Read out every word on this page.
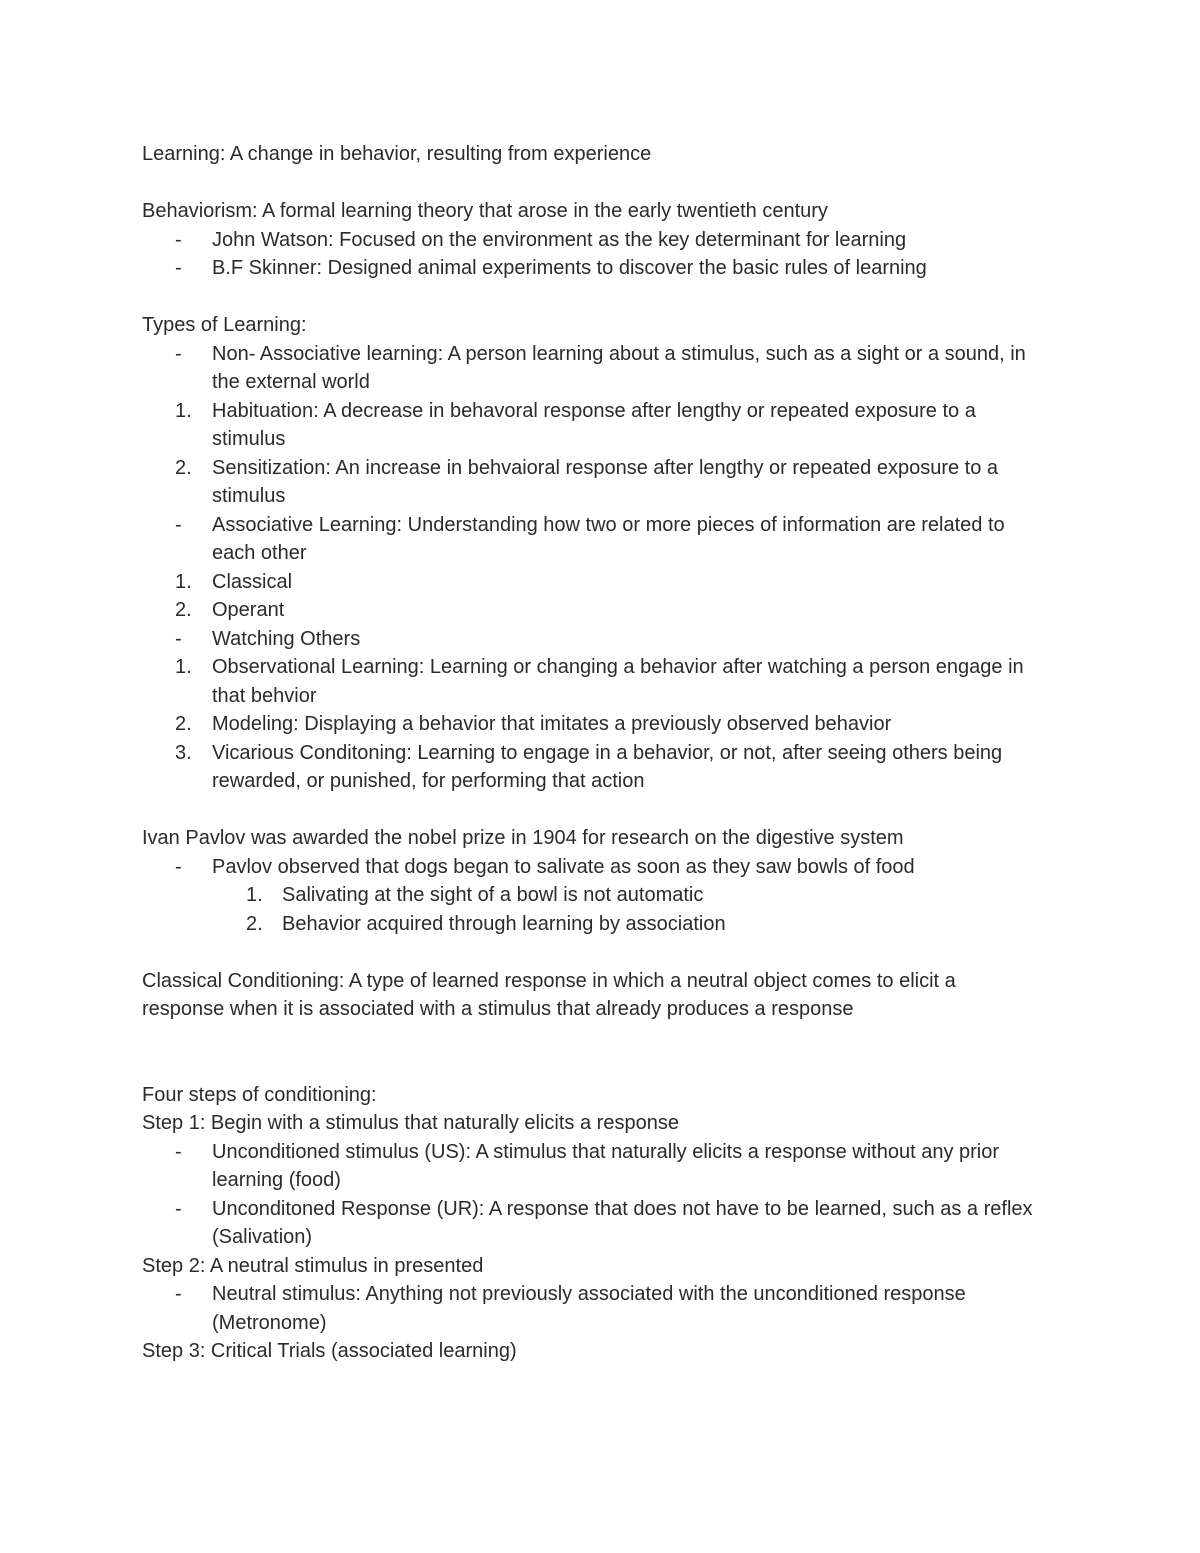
Learning: A change in behavior, resulting from experience
Behaviorism: A formal learning theory that arose in the early twentieth century
- John Watson: Focused on the environment as the key determinant for learning
- B.F Skinner: Designed animal experiments to discover the basic rules of learning
Types of Learning:
- Non- Associative learning: A person learning about a stimulus, such as a sight or a sound, in the external world
1. Habituation: A decrease in behavoral response after lengthy or repeated exposure to a stimulus
2. Sensitization: An increase in behvaioral response after lengthy or repeated exposure to a stimulus
- Associative Learning: Understanding how two or more pieces of information are related to each other
1. Classical
2. Operant
- Watching Others
1. Observational Learning: Learning or changing a behavior after watching a person engage in that behvior
2. Modeling: Displaying a behavior that imitates a previously observed behavior
3. Vicarious Conditoning: Learning to engage in a behavior, or not, after seeing others being rewarded, or punished, for performing that action
Ivan Pavlov was awarded the nobel prize in 1904 for research on the digestive system
- Pavlov observed that dogs began to salivate as soon as they saw bowls of food
1. Salivating at the sight of a bowl is not automatic
2. Behavior acquired through learning by association
Classical Conditioning: A type of learned response in which a neutral object comes to elicit a response when it is associated with a stimulus that already produces a response
Four steps of conditioning:
Step 1: Begin with a stimulus that naturally elicits a response
- Unconditioned stimulus (US): A stimulus that naturally elicits a response without any prior learning (food)
- Unconditoned Response (UR): A response that does not have to be learned, such as a reflex (Salivation)
Step 2: A neutral stimulus in presented
- Neutral stimulus: Anything not previously associated with the unconditioned response (Metronome)
Step 3: Critical Trials (associated learning)
